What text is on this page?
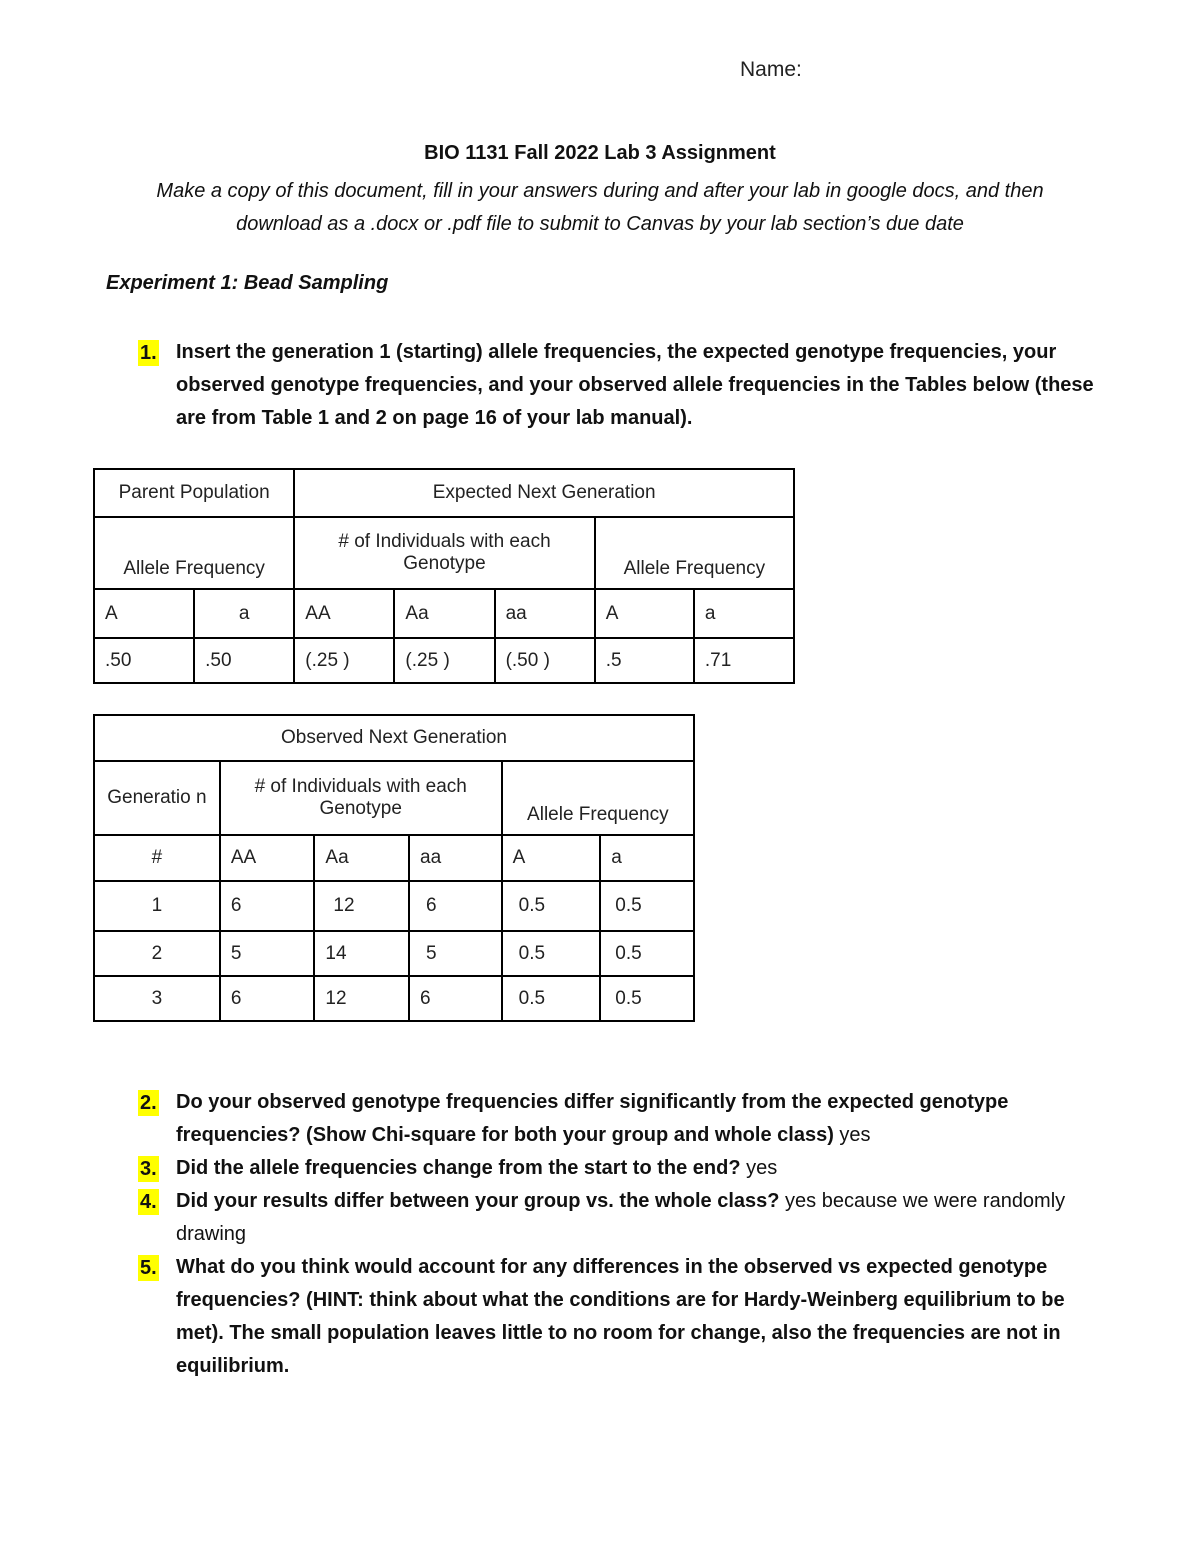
Name:
BIO 1131 Fall 2022 Lab 3 Assignment
Make a copy of this document, fill in your answers during and after your lab in google docs, and then
download as a .docx or .pdf file to submit to Canvas by your lab section’s due date
Experiment 1: Bead Sampling
1. Insert the generation 1 (starting) allele frequencies, the expected genotype frequencies, your observed genotype frequencies, and your observed allele frequencies in the Tables below (these are from Table 1 and 2 on page 16 of your lab manual).
Parent Population		Expected Next Generation				
Allele Frequency		# of Individuals with each Genotype			Allele Frequency	
A	a	AA	Aa	aa	A	a
.50	.50	(.25 )	(.25 )	(.50 )	.5	.71
Observed Next Generation					
Generatio n	# of Individuals with each Genotype			Allele Frequency	
#	AA	Aa	aa	A	a
1	6	12	6	0.5	0.5
2	5	14	5	0.5	0.5
3	6	12	6	0.5	0.5
2. Do your observed genotype frequencies differ significantly from the expected genotype frequencies? (Show Chi-square for both your group and whole class) yes
3. Did the allele frequencies change from the start to the end? yes
4. Did your results differ between your group vs. the whole class? yes because we were randomly drawing
5. What do you think would account for any differences in the observed vs expected genotype frequencies? (HINT: think about what the conditions are for Hardy-Weinberg equilibrium to be met). The small population leaves little to no room for change, also the frequencies are not in equilibrium.
